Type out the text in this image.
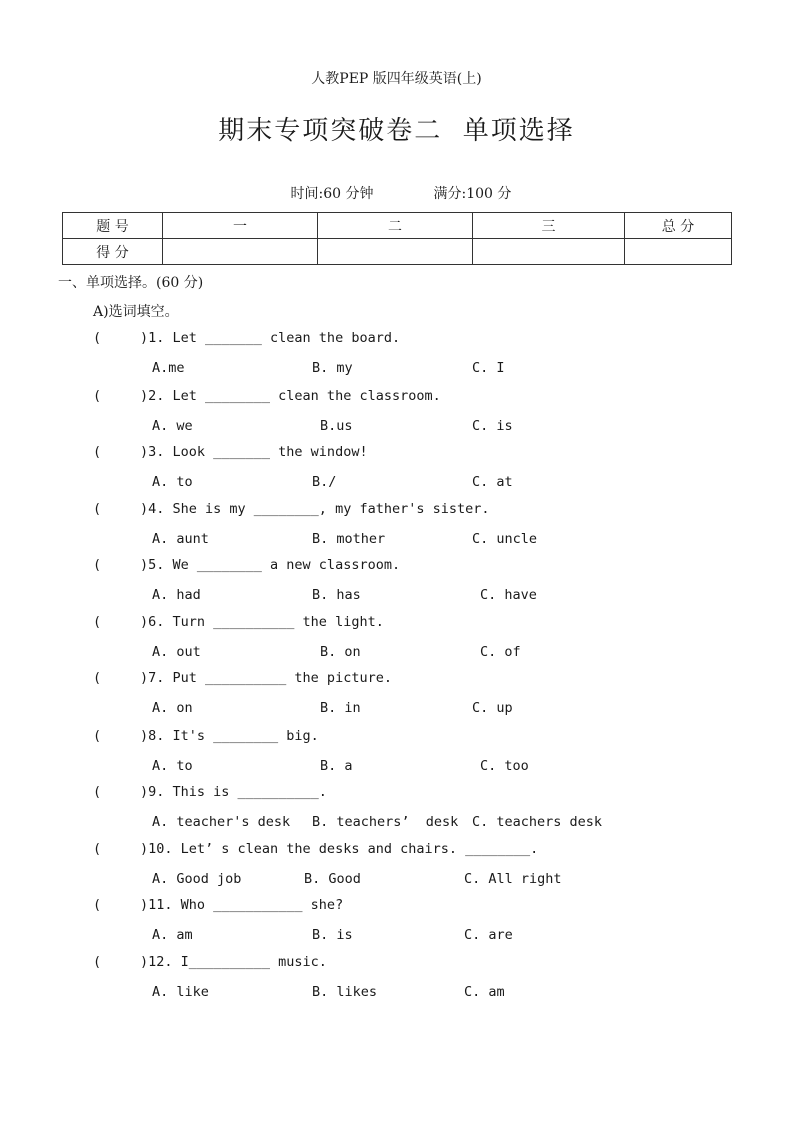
人教PEP 版四年级英语(上)
期末专项突破卷二  单项选择

时间:60 分钟	满分:100 分

题 号	一	二	三	总 分
得 分				
一、单项选择。(60 分)
A)选词填空。
(	)1. Let _______ clean the board.
A.me	B. my	C. I
(	)2. Let ________ clean the classroom.
A. we	B.us	C. is
(	)3. Look _______ the window!
A. to	B./	C. at
(	)4. She is my ________, my father's sister.
A. aunt	B. mother	C. uncle
(	)5. We ________ a new classroom.
A. had	B. has	C. have
(	)6. Turn __________ the light.
A. out	B. on	C. of
(	)7. Put __________ the picture.
A. on	B. in	C. up
(	)8. It's ________ big.
A. to	B. a	C. too
(	)9. This is __________.
A. teacher's desk B. teachers’  desk C. teachers desk
(	)10. Let’ s clean the desks and chairs. ________.
A. Good job	B. Good	C. All right
(	)11. Who ___________ she?
A. am	B. is	C. are
(	)12. I__________ music.
A. like	B. likes	C. am
